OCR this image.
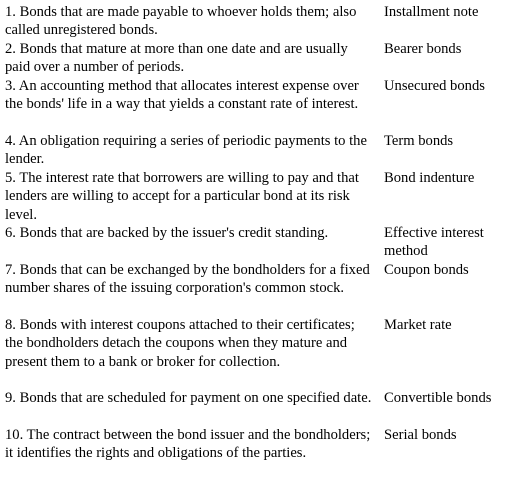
1. Bonds that are made payable to whoever holds them; also called unregistered bonds.
Installment note
2. Bonds that mature at more than one date and are usually paid over a number of periods.
Bearer bonds
3. An accounting method that allocates interest expense over the bonds' life in a way that yields a constant rate of interest.
Unsecured bonds
4. An obligation requiring a series of periodic payments to the lender.
Term bonds
5. The interest rate that borrowers are willing to pay and that lenders are willing to accept for a particular bond at its risk level.
Bond indenture
6. Bonds that are backed by the issuer's credit standing.	Effective interest method
7. Bonds that can be exchanged by the bondholders for a fixed number shares of the issuing corporation's common stock.
Coupon bonds
8. Bonds with interest coupons attached to their certificates; the bondholders detach the coupons when they mature and present them to a bank or broker for collection.
Market rate
9. Bonds that are scheduled for payment on one specified date. Convertible bonds
10. The contract between the bond issuer and the bondholders; it identifies the rights and obligations of the parties.
Serial bonds
